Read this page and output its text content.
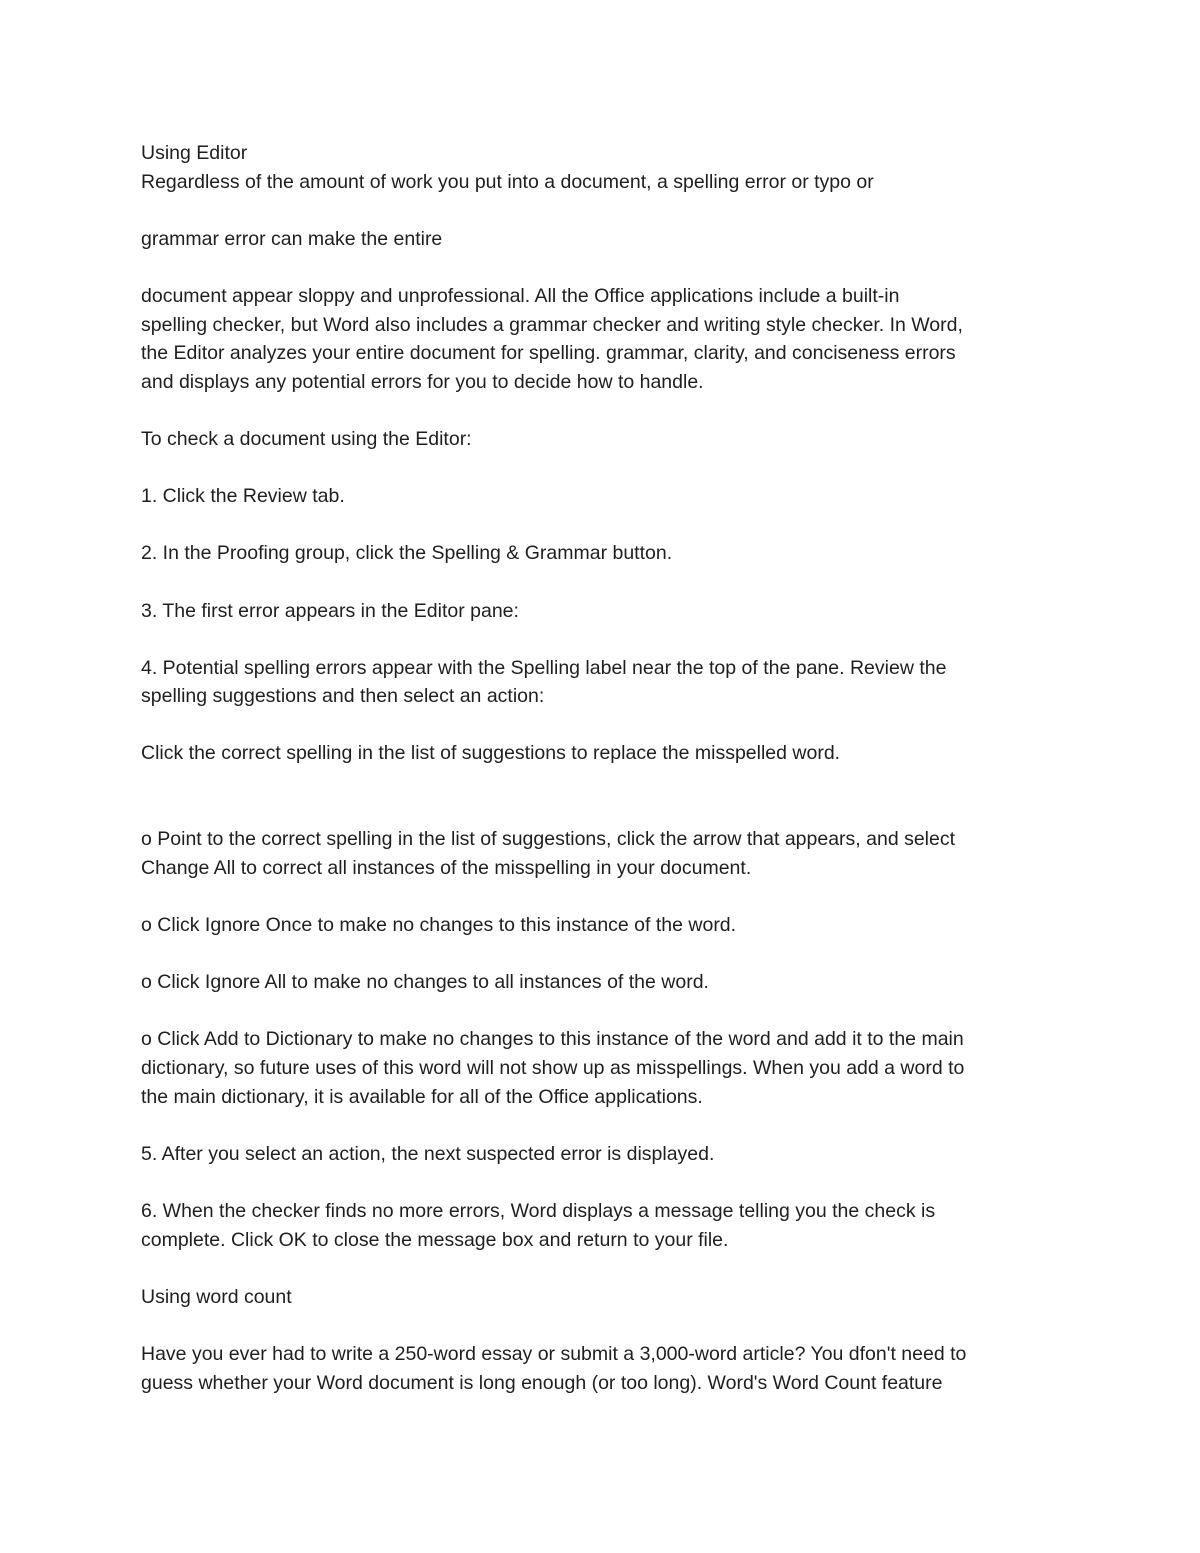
Using Editor
Regardless of the amount of work you put into a document, a spelling error or typo or
grammar error can make the entire
document appear sloppy and unprofessional. All the Office applications include a built-in
spelling checker, but Word also includes a grammar checker and writing style checker. In Word,
the Editor analyzes your entire document for spelling. grammar, clarity, and conciseness errors
and displays any potential errors for you to decide how to handle.
To check a document using the Editor:
1. Click the Review tab.
2. In the Proofing group, click the Spelling & Grammar button.
3. The first error appears in the Editor pane:
4. Potential spelling errors appear with the Spelling label near the top of the pane. Review the
spelling suggestions and then select an action:
Click the correct spelling in the list of suggestions to replace the misspelled word.
o Point to the correct spelling in the list of suggestions, click the arrow that appears, and select
Change All to correct all instances of the misspelling in your document.
o Click Ignore Once to make no changes to this instance of the word.
o Click Ignore All to make no changes to all instances of the word.
o Click Add to Dictionary to make no changes to this instance of the word and add it to the main
dictionary, so future uses of this word will not show up as misspellings. When you add a word to
the main dictionary, it is available for all of the Office applications.
5. After you select an action, the next suspected error is displayed.
6. When the checker finds no more errors, Word displays a message telling you the check is
complete. Click OK to close the message box and return to your file.
Using word count
Have you ever had to write a 250-word essay or submit a 3,000-word article? You dfon't need to
guess whether your Word document is long enough (or too long). Word's Word Count feature
